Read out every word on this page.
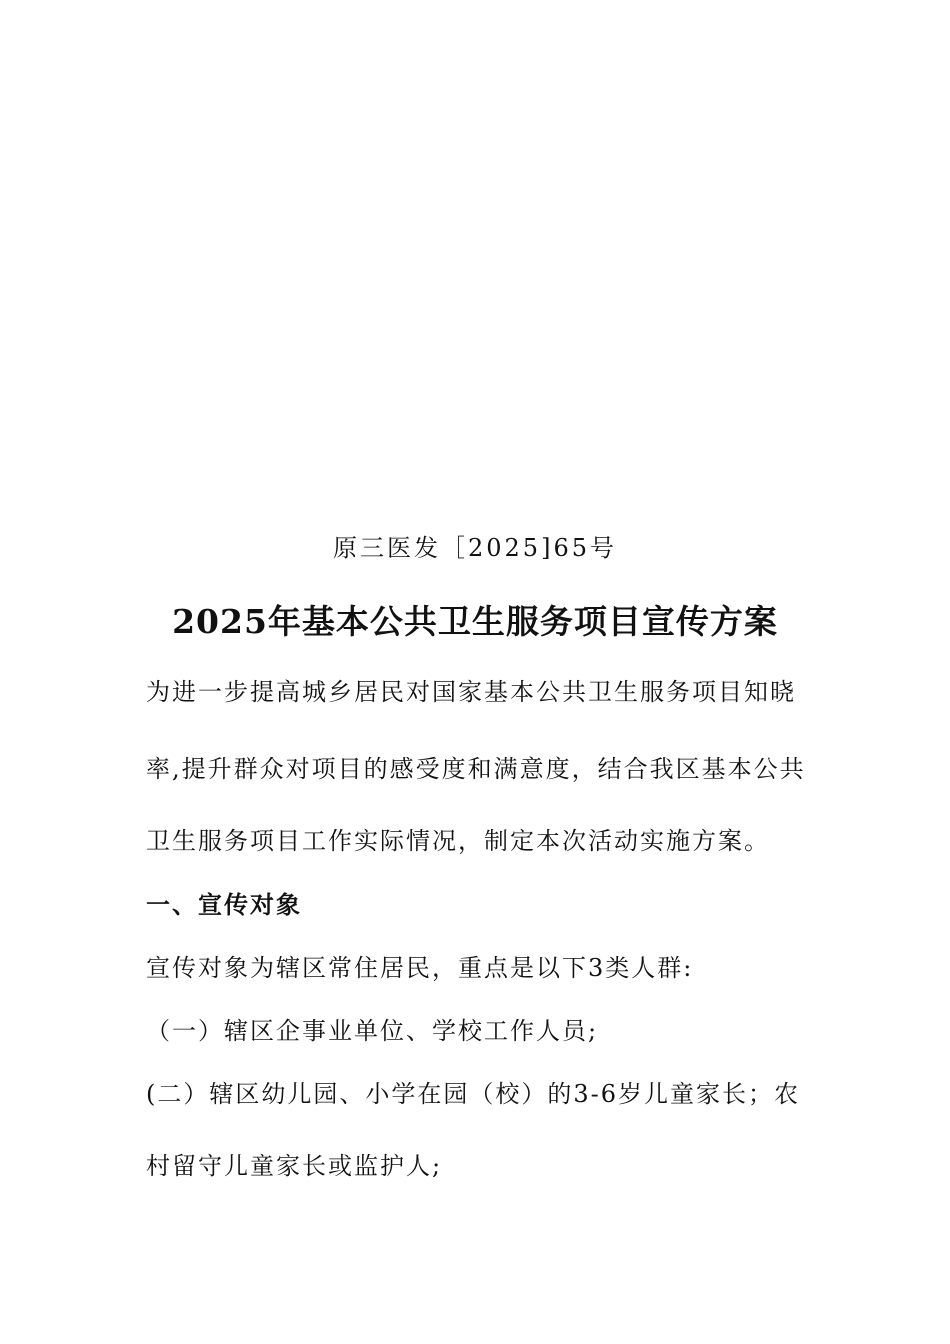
原三医发［2025]65号
2025年基本公共卫生服务项目宣传方案
为进一步提高城乡居民对国家基本公共卫生服务项目知晓
率,提升群众对项目的感受度和满意度，结合我区基本公共
卫生服务项目工作实际情况，制定本次活动实施方案。
一、宣传对象
宣传对象为辖区常住居民，重点是以下3类人群:
（一）辖区企事业单位、学校工作人员;
(二）辖区幼儿园、小学在园（校）的3-6岁儿童家长；农
村留守儿童家长或监护人;
